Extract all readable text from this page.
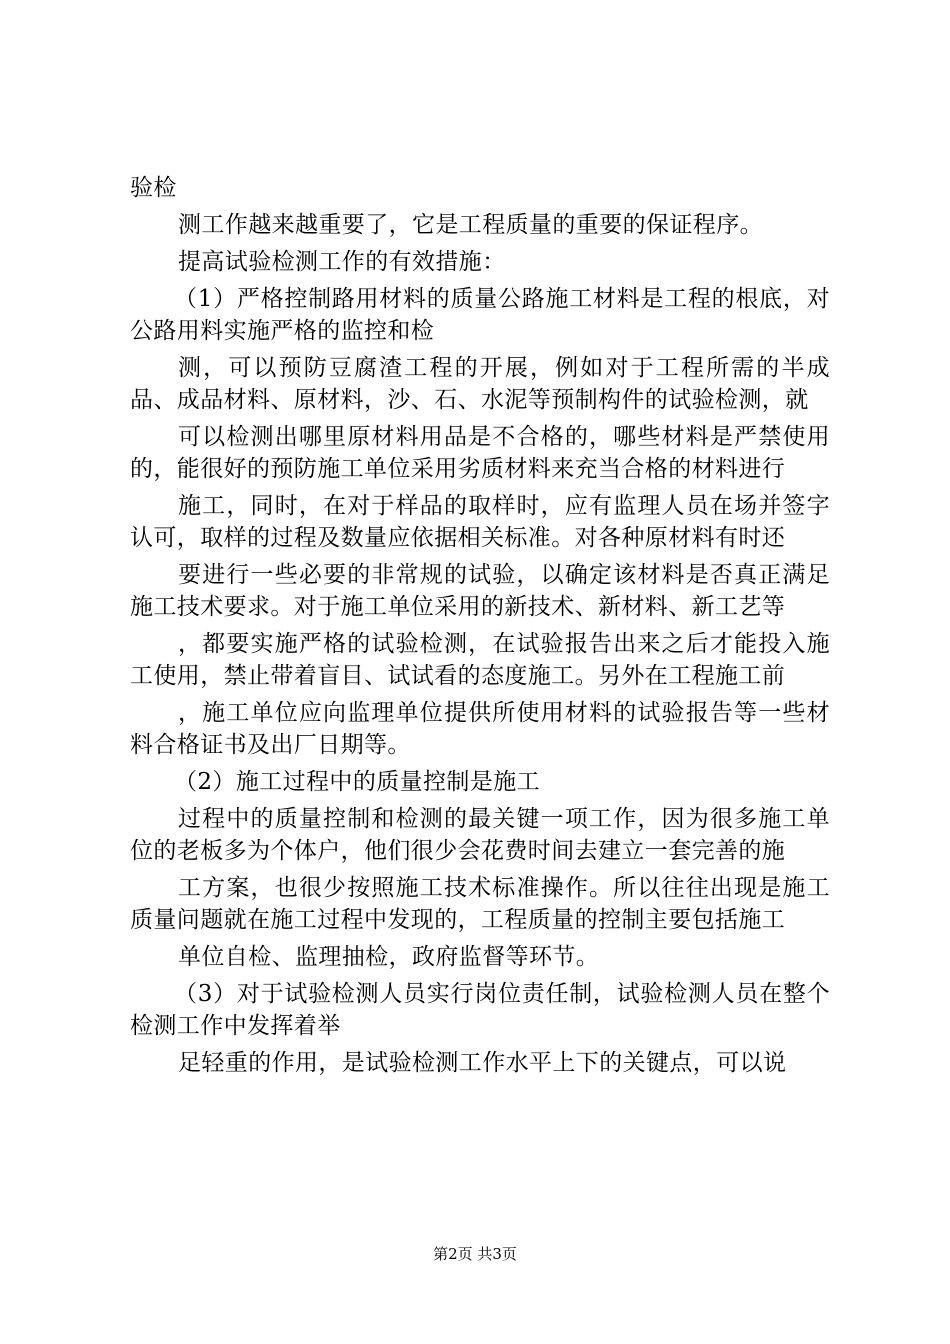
验检

测工作越来越重要了，它是工程质量的重要的保证程序。

提高试验检测工作的有效措施：

（1）严格控制路用材料的质量公路施工材料是工程的根底，对公路用料实施严格的监控和检

测，可以预防豆腐渣工程的开展，例如对于工程所需的半成品、成品材料、原材料，沙、石、水泥等预制构件的试验检测，就

可以检测出哪里原材料用品是不合格的，哪些材料是严禁使用的，能很好的预防施工单位采用劣质材料来充当合格的材料进行

施工，同时，在对于样品的取样时，应有监理人员在场并签字认可，取样的过程及数量应依据相关标准。对各种原材料有时还

要进行一些必要的非常规的试验，以确定该材料是否真正满足施工技术要求。对于施工单位采用的新技术、新材料、新工艺等

，都要实施严格的试验检测，在试验报告出来之后才能投入施工使用，禁止带着盲目、试试看的态度施工。另外在工程施工前

，施工单位应向监理单位提供所使用材料的试验报告等一些材料合格证书及出厂日期等。

（2）施工过程中的质量控制是施工

过程中的质量控制和检测的最关键一项工作，因为很多施工单位的老板多为个体户，他们很少会花费时间去建立一套完善的施

工方案，也很少按照施工技术标准操作。所以往往出现是施工质量问题就在施工过程中发现的，工程质量的控制主要包括施工

单位自检、监理抽检，政府监督等环节。

（3）对于试验检测人员实行岗位责任制，试验检测人员在整个检测工作中发挥着举

足轻重的作用，是试验检测工作水平上下的关键点，可以说

第2页 共3页
